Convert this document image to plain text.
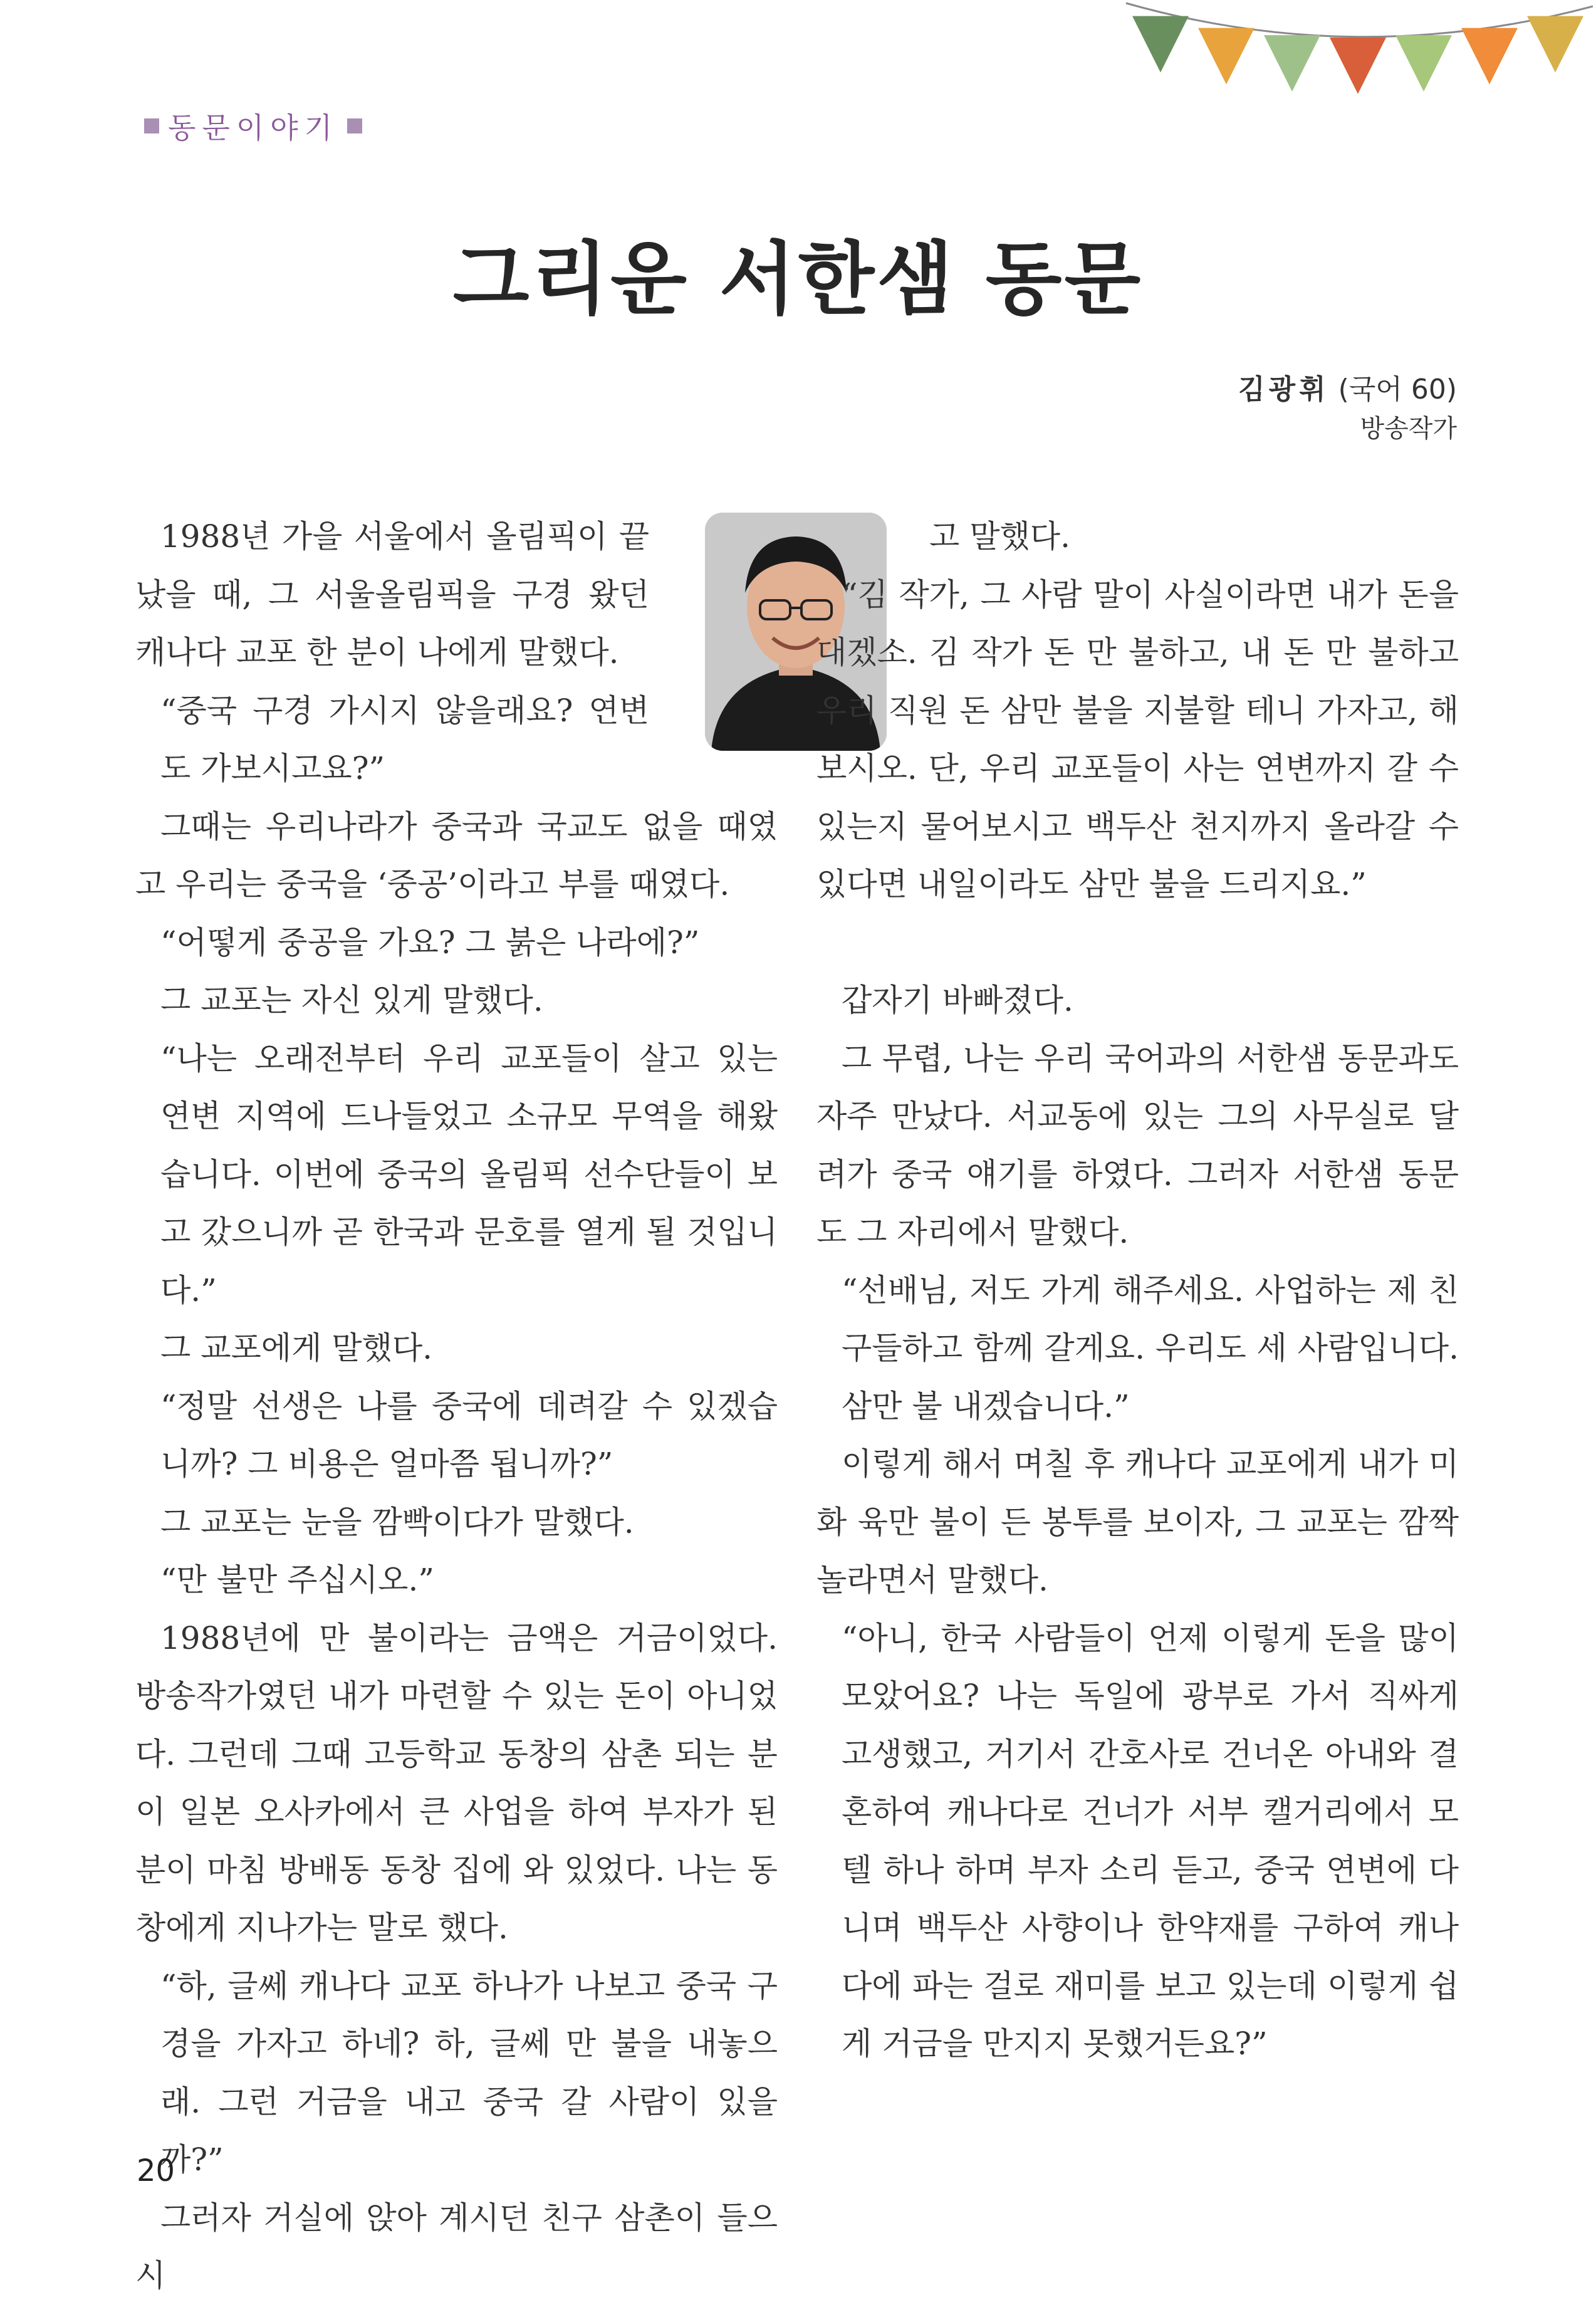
동문이야기
그리운 서한샘 동문
김광휘 (국어 60)
방송작가

1988년 가을 서울에서 올림픽이 끝났을 때, 그 서울올림픽을 구경 왔던 캐나다 교포 한 분이 나에게 말했다.

“중국 구경 가시지 않을래요? 연변도 가보시고요?”

그때는 우리나라가 중국과 국교도 없을 때였고 우리는 중국을 ‘중공’이라고 부를 때였다.

“어떻게 중공을 가요? 그 붉은 나라에?”

그 교포는 자신 있게 말했다.

“나는 오래전부터 우리 교포들이 살고 있는 연변 지역에 드나들었고 소규모 무역을 해왔습니다. 이번에 중국의 올림픽 선수단들이 보고 갔으니까 곧 한국과 문호를 열게 될 것입니다.”

그 교포에게 말했다.

“정말 선생은 나를 중국에 데려갈 수 있겠습니까? 그 비용은 얼마쯤 됩니까?”

그 교포는 눈을 깜빡이다가 말했다.

“만 불만 주십시오.”

1988년에 만 불이라는 금액은 거금이었다. 방송작가였던 내가 마련할 수 있는 돈이 아니었다. 그런데 그때 고등학교 동창의 삼촌 되는 분이 일본 오사카에서 큰 사업을 하여 부자가 된 분이 마침 방배동 동창 집에 와 있었다. 나는 동창에게 지나가는 말로 했다.

“하, 글쎄 캐나다 교포 하나가 나보고 중국 구경을 가자고 하네? 하, 글쎄 만 불을 내놓으래. 그런 거금을 내고 중국 갈 사람이 있을까?”

그러자 거실에 앉아 계시던 친구 삼촌이 들으시

고 말했다.

“김 작가, 그 사람 말이 사실이라면 내가 돈을 대겠소. 김 작가 돈 만 불하고, 내 돈 만 불하고 우리 직원 돈 삼만 불을 지불할 테니 가자고, 해보시오. 단, 우리 교포들이 사는 연변까지 갈 수 있는지 물어보시고 백두산 천지까지 올라갈 수 있다면 내일이라도 삼만 불을 드리지요.”

갑자기 바빠졌다.

그 무렵, 나는 우리 국어과의 서한샘 동문과도 자주 만났다. 서교동에 있는 그의 사무실로 달려가 중국 얘기를 하였다. 그러자 서한샘 동문도 그 자리에서 말했다.

“선배님, 저도 가게 해주세요. 사업하는 제 친구들하고 함께 갈게요. 우리도 세 사람입니다. 삼만 불 내겠습니다.”

이렇게 해서 며칠 후 캐나다 교포에게 내가 미화 육만 불이 든 봉투를 보이자, 그 교포는 깜짝 놀라면서 말했다.

“아니, 한국 사람들이 언제 이렇게 돈을 많이 모았어요? 나는 독일에 광부로 가서 직싸게 고생했고, 거기서 간호사로 건너온 아내와 결혼하여 캐나다로 건너가 서부 캘거리에서 모텔 하나 하며 부자 소리 듣고, 중국 연변에 다니며 백두산 사향이나 한약재를 구하여 캐나다에 파는 걸로 재미를 보고 있는데 이렇게 쉽게 거금을 만지지 못했거든요?”

20
